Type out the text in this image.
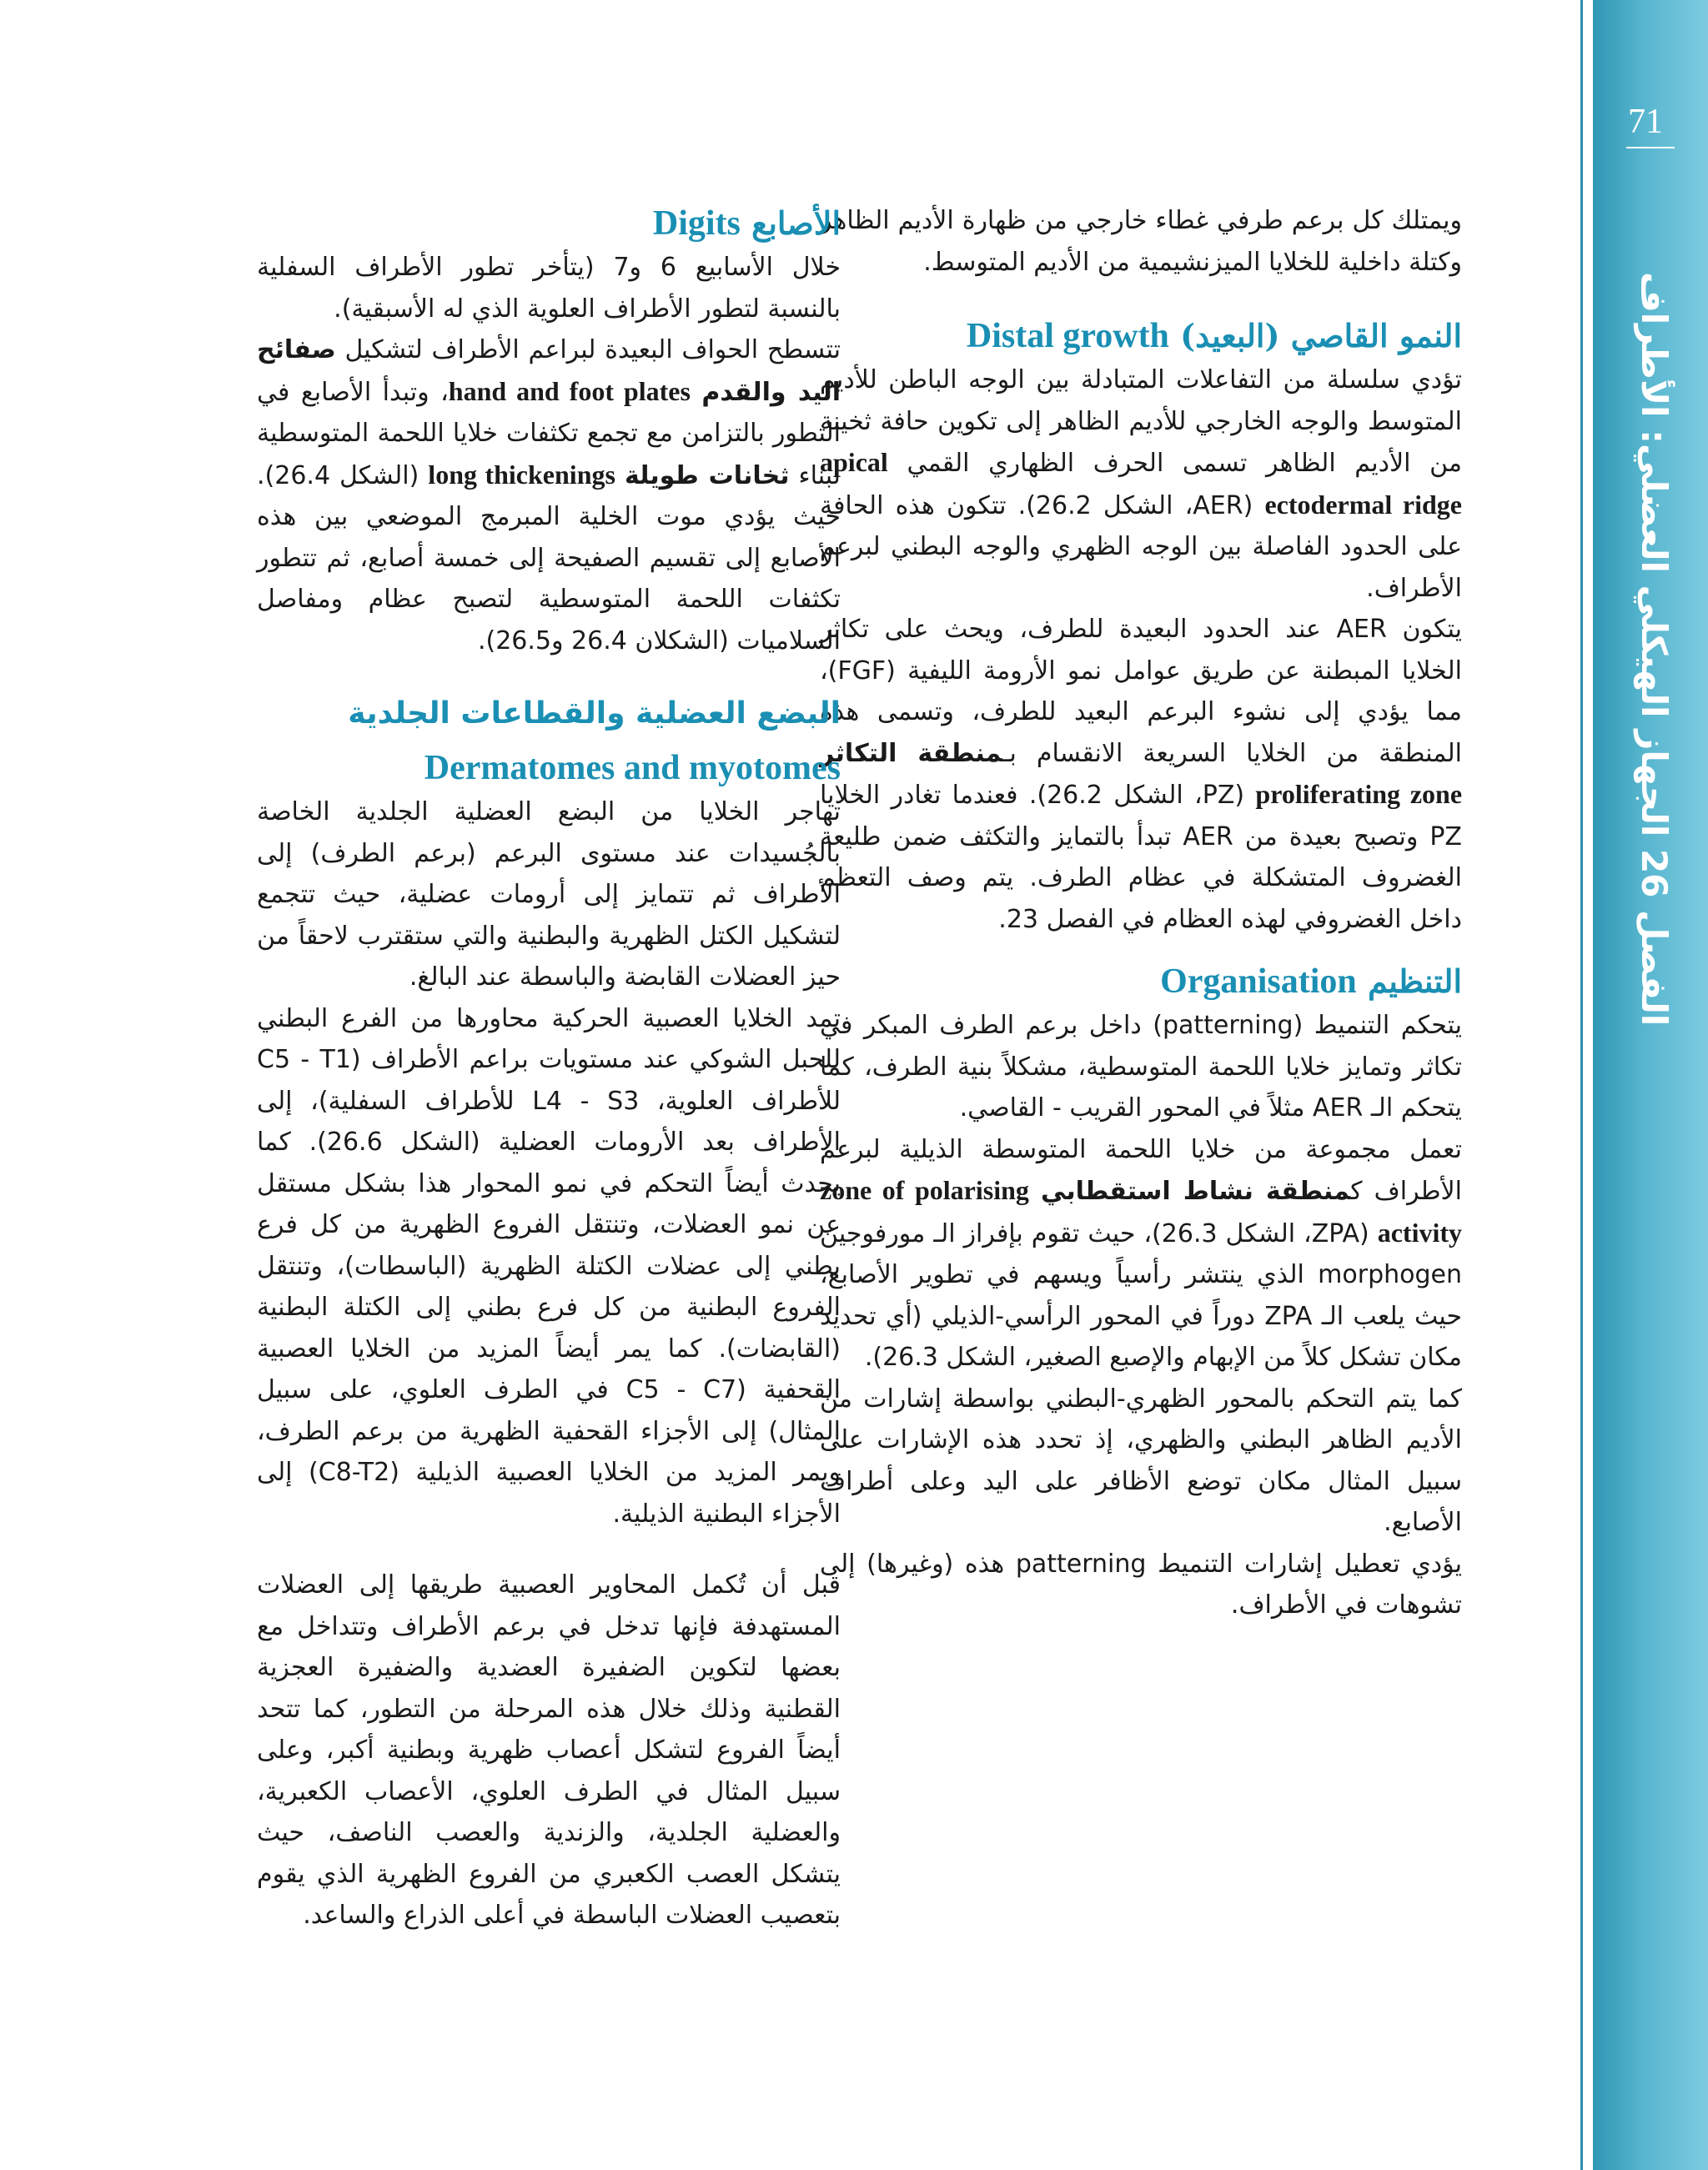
71
الفصل 26 الجهاز الهيكلي العضلي: الأطراف

ويمتلك كل برعم طرفي غطاء خارجي من ظهارة الأديم الظاهر وكتلة داخلية للخلايا الميزنشيمية من الأديم المتوسط.

النمو القاصي (البعيد) Distal growth

تؤدي سلسلة من التفاعلات المتبادلة بين الوجه الباطن للأديم المتوسط والوجه الخارجي للأديم الظاهر إلى تكوين حافة ثخينة من الأديم الظاهر تسمى الحرف الظهاري القمي apical ectodermal ridge (AER، الشكل 26.2). تتكون هذه الحافة على الحدود الفاصلة بين الوجه الظهري والوجه البطني لبرعم الأطراف.

يتكون AER عند الحدود البعيدة للطرف، ويحث على تكاثر الخلايا المبطنة عن طريق عوامل نمو الأرومة الليفية (FGF)، مما يؤدي إلى نشوء البرعم البعيد للطرف، وتسمى هذه المنطقة من الخلايا السريعة الانقسام بـمنطقة التكاثر proliferating zone (PZ، الشكل 26.2). فعندما تغادر الخلايا PZ وتصبح بعيدة من AER تبدأ بالتمايز والتكثف ضمن طليعة الغضروف المتشكلة في عظام الطرف. يتم وصف التعظم داخل الغضروفي لهذه العظام في الفصل 23.

التنظيم Organisation

يتحكم التنميط (patterning) داخل برعم الطرف المبكر في تكاثر وتمايز خلايا اللحمة المتوسطية، مشكلاً بنية الطرف، كما يتحكم الـ AER مثلاً في المحور القريب - القاصي.

تعمل مجموعة من خلايا اللحمة المتوسطة الذيلية لبرعم الأطراف كمنطقة نشاط استقطابي zone of polarising activity (ZPA، الشكل 26.3)، حيث تقوم بإفراز الـ مورفوجين morphogen الذي ينتشر رأسياً ويسهم في تطوير الأصابع، حيث يلعب الـ ZPA دوراً في المحور الرأسي-الذيلي (أي تحديد مكان تشكل كلاً من الإبهام والإصبع الصغير، الشكل 26.3).

كما يتم التحكم بالمحور الظهري-البطني بواسطة إشارات من الأديم الظاهر البطني والظهري، إذ تحدد هذه الإشارات على سبيل المثال مكان توضع الأظافر على اليد وعلى أطراف الأصابع.

يؤدي تعطيل إشارات التنميط patterning هذه (وغيرها) إلى تشوهات في الأطراف.

الأصابع Digits

خلال الأسابيع 6 و7 (يتأخر تطور الأطراف السفلية بالنسبة لتطور الأطراف العلوية الذي له الأسبقية).

تتسطح الحواف البعيدة لبراعم الأطراف لتشكيل صفائح اليد والقدم hand and foot plates، وتبدأ الأصابع في التطور بالتزامن مع تجمع تكثفات خلايا اللحمة المتوسطية لبناء ثخانات طويلة long thickenings (الشكل 26.4). حيث يؤدي موت الخلية المبرمج الموضعي بين هذه الأصابع إلى تقسيم الصفيحة إلى خمسة أصابع، ثم تتطور تكثفات اللحمة المتوسطية لتصبح عظام ومفاصل السلاميات (الشكلان 26.4 و26.5).

البضع العضلية والقطاعات الجلدية
Dermatomes and myotomes

تهاجر الخلايا من البضع العضلية الجلدية الخاصة بالجُسيدات عند مستوى البرعم (برعم الطرف) إلى الأطراف ثم تتمايز إلى أرومات عضلية، حيث تتجمع لتشكيل الكتل الظهرية والبطنية والتي ستقترب لاحقاً من حيز العضلات القابضة والباسطة عند البالغ.

تمد الخلايا العصبية الحركية محاورها من الفرع البطني للحبل الشوكي عند مستويات براعم الأطراف (C5 - T1 للأطراف العلوية، L4 - S3 للأطراف السفلية)، إلى الأطراف بعد الأرومات العضلية (الشكل 26.6). كما يحدث أيضاً التحكم في نمو المحوار هذا بشكل مستقل عن نمو العضلات، وتنتقل الفروع الظهرية من كل فرع بطني إلى عضلات الكتلة الظهرية (الباسطات)، وتنتقل الفروع البطنية من كل فرع بطني إلى الكتلة البطنية (القابضات). كما يمر أيضاً المزيد من الخلايا العصبية القحفية (C5 - C7 في الطرف العلوي، على سبيل المثال) إلى الأجزاء القحفية الظهرية من برعم الطرف، ويمر المزيد من الخلايا العصبية الذيلية (C8-T2) إلى الأجزاء البطنية الذيلية.

قبل أن تُكمل المحاوير العصبية طريقها إلى العضلات المستهدفة فإنها تدخل في برعم الأطراف وتتداخل مع بعضها لتكوين الضفيرة العضدية والضفيرة العجزية القطنية وذلك خلال هذه المرحلة من التطور، كما تتحد أيضاً الفروع لتشكل أعصاب ظهرية وبطنية أكبر، وعلى سبيل المثال في الطرف العلوي، الأعصاب الكعبرية، والعضلية الجلدية، والزندية والعصب الناصف، حيث يتشكل العصب الكعبري من الفروع الظهرية الذي يقوم بتعصيب العضلات الباسطة في أعلى الذراع والساعد.
